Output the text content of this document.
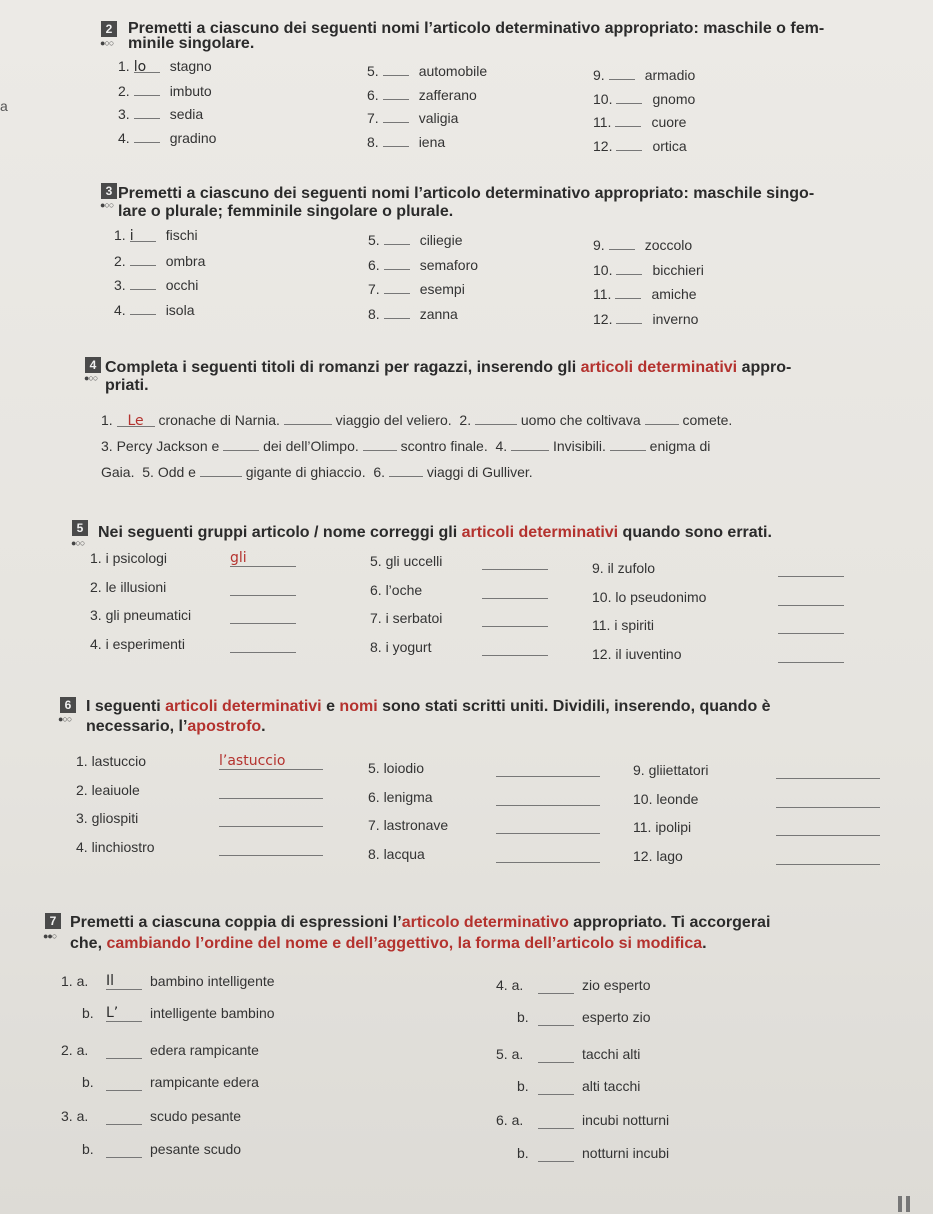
a
2
●○○
Premetti a ciascuno dei seguenti nomi l’articolo determinativo appropriato: maschile o fem-
minile singolare.
1. lo stagno
2.	imbuto
3.	sedia
4.	gradino
5.	automobile
6.	zafferano
7.	valigia
8.	iena
9.	armadio
10.	gnomo
11.	cuore
12.	ortica
3
●○○
Premetti a ciascuno dei seguenti nomi l’articolo determinativo appropriato: maschile singo-
lare o plurale; femminile singolare o plurale.
1. i fischi
2.	ombra
3.	occhi
4.	isola
5.	ciliegie
6.	semaforo
7.	esempi
8.	zanna
9.	zoccolo
10.	bicchieri
11.	amiche
12.	inverno
4
●○○
Completa i seguenti titoli di romanzi per ragazzi, inserendo gli articoli determinativi appro-
priati.
1. Le cronache di Narnia.	viaggio del veliero. 2.	uomo che coltivava	comete.
3. Percy Jackson e	dei dell’Olimpo.	scontro finale. 4.	Invisibili.	enigma di
Gaia. 5. Odd e	gigante di ghiaccio. 6.	viaggi di Gulliver.
5
●○○
Nei seguenti gruppi articolo / nome correggi gli articoli determinativi quando sono errati.
1. i psicologi	gli
2. le illusioni
3. gli pneumatici
4. i esperimenti
5. gli uccelli
6. l’oche
7. i serbatoi
8. i yogurt
9. il zufolo
10. lo pseudonimo
11. i spiriti
12. il iuventino
6
●○○
I seguenti articoli determinativi e nomi sono stati scritti uniti. Dividili, inserendo, quando è
necessario, l’apostrofo.
1. lastuccio	l’astuccio
2. leaiuole
3. gliospiti
4. linchiostro
5. loiodio
6. lenigma
7. lastronave
8. lacqua
9. gliiettatori
10. leonde
11. ipolipi
12. lago
7
●●○
Premetti a ciascuna coppia di espressioni l’articolo determinativo appropriato. Ti accorgerai
che, cambiando l’ordine del nome e dell’aggettivo, la forma dell’articolo si modifica.
1. a. Il	bambino intelligente
b. L’	intelligente bambino
2. a.	edera rampicante
b.	rampicante edera
3. a.	scudo pesante
b.	pesante scudo
4. a.	zio esperto
b.	esperto zio
5. a.	tacchi alti
b.	alti tacchi
6. a.	incubi notturni
b.	notturni incubi
